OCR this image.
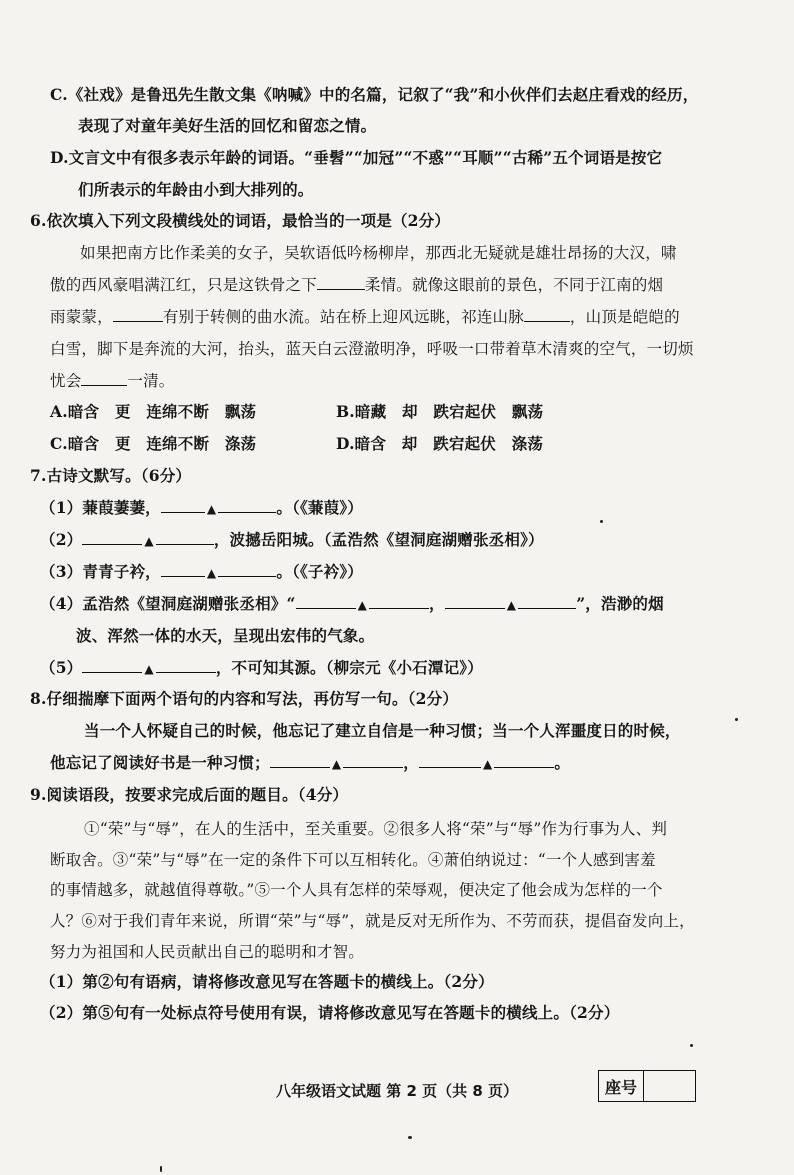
C.《社戏》是鲁迅先生散文集《呐喊》中的名篇，记叙了“我”和小伙伴们去赵庄看戏的经历，
表现了对童年美好生活的回忆和留恋之情。
D.文言文中有很多表示年龄的词语。“垂髫”“加冠”“不惑”“耳顺”“古稀”五个词语是按它
们所表示的年龄由小到大排列的。
6.依次填入下列文段横线处的词语，最恰当的一项是（2分）
如果把南方比作柔美的女子，吴软语低吟杨柳岸，那西北无疑就是雄壮昂扬的大汉，啸
傲的西风豪唱满江红，只是这铁骨之下	柔情。就像这眼前的景色，不同于江南的烟
雨蒙蒙，	有别于转侧的曲水流。站在桥上迎风远眺，祁连山脉	，山顶是皑皑的
白雪，脚下是奔流的大河，抬头，蓝天白云澄澈明净，呼吸一口带着草木清爽的空气，一切烦
忧会	一清。
A.暗含　更　连绵不断　飘荡	B.暗藏　却　跌宕起伏　飘荡
C.暗含　更　连绵不断　涤荡	D.暗含　却　跌宕起伏　涤荡
7.古诗文默写。（6分）
（1）蒹葭萋萋，	▲	。（《蒹葭》）
（2）	▲	，波撼岳阳城。（孟浩然《望洞庭湖赠张丞相》）
（3）青青子衿，	▲	。（《子衿》）
（4）孟浩然《望洞庭湖赠张丞相》“	▲	，	▲	”，浩渺的烟
波、浑然一体的水天，呈现出宏伟的气象。
（5）	▲	，不可知其源。（柳宗元《小石潭记》）
8.仔细揣摩下面两个语句的内容和写法，再仿写一句。（2分）
当一个人怀疑自己的时候，他忘记了建立自信是一种习惯；当一个人浑噩度日的时候，
他忘记了阅读好书是一种习惯；	▲	，	▲	。
9.阅读语段，按要求完成后面的题目。（4分）
①“荣”与“辱”，在人的生活中，至关重要。②很多人将“荣”与“辱”作为行事为人、判
断取舍。③“荣”与“辱”在一定的条件下可以互相转化。④萧伯纳说过：“一个人感到害羞
的事情越多，就越值得尊敬。”⑤一个人具有怎样的荣辱观，便决定了他会成为怎样的一个
人？⑥对于我们青年来说，所谓“荣”与“辱”，就是反对无所作为、不劳而获，提倡奋发向上，
努力为祖国和人民贡献出自己的聪明和才智。
（1）第②句有语病，请将修改意见写在答题卡的横线上。（2分）
（2）第⑤句有一处标点符号使用有误，请将修改意见写在答题卡的横线上。（2分）
八年级语文试题 第 2 页（共 8 页）	座号
